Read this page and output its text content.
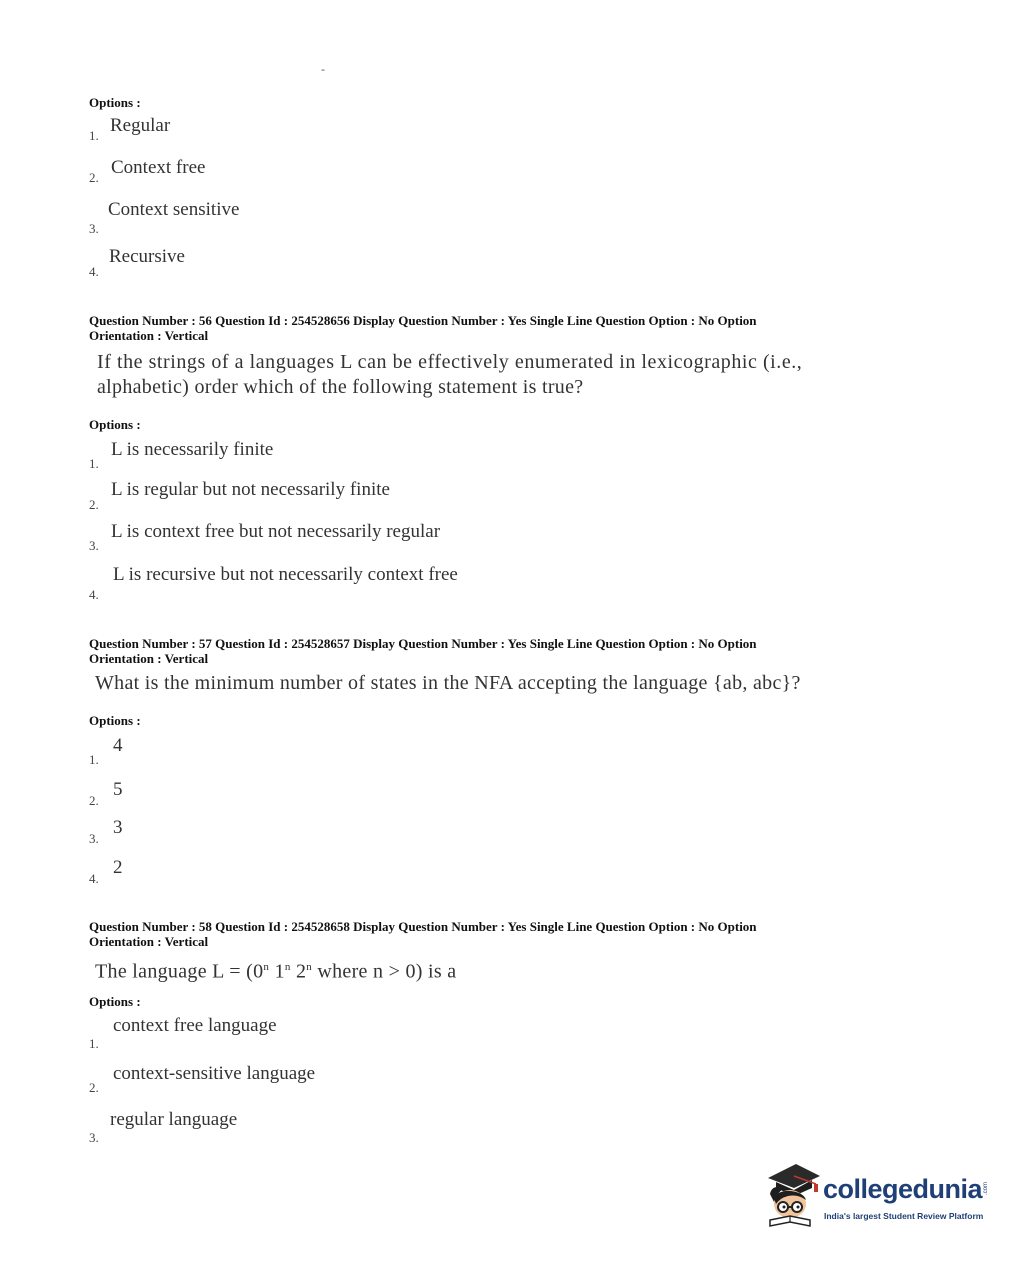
-
Options :
1. Regular
2. Context free
Context sensitive
3.
Recursive
4.
Question Number : 56 Question Id : 254528656 Display Question Number : Yes Single Line Question Option : No Option
Orientation : Vertical
If the strings of a languages L can be effectively enumerated in lexicographic (i.e.,
alphabetic) order which of the following statement is true?
Options :
L is necessarily finite
1.
L is regular but not necessarily finite
2.
L is context free but not necessarily regular
3.
L is recursive but not necessarily context free
4.
Question Number : 57 Question Id : 254528657 Display Question Number : Yes Single Line Question Option : No Option
Orientation : Vertical
What is the minimum number of states in the NFA accepting the language {ab, abc}?
Options :
4
1.
5
2.
3
3.
2
4.
Question Number : 58 Question Id : 254528658 Display Question Number : Yes Single Line Question Option : No Option
Orientation : Vertical
The language $L = (0^n$ 1$^n$ 2$^n$ where n > 0) is a
Options :
context free language
1.
context-sensitive language
2.
regular language
3.
collegedunia .com
India's largest Student Review Platform
